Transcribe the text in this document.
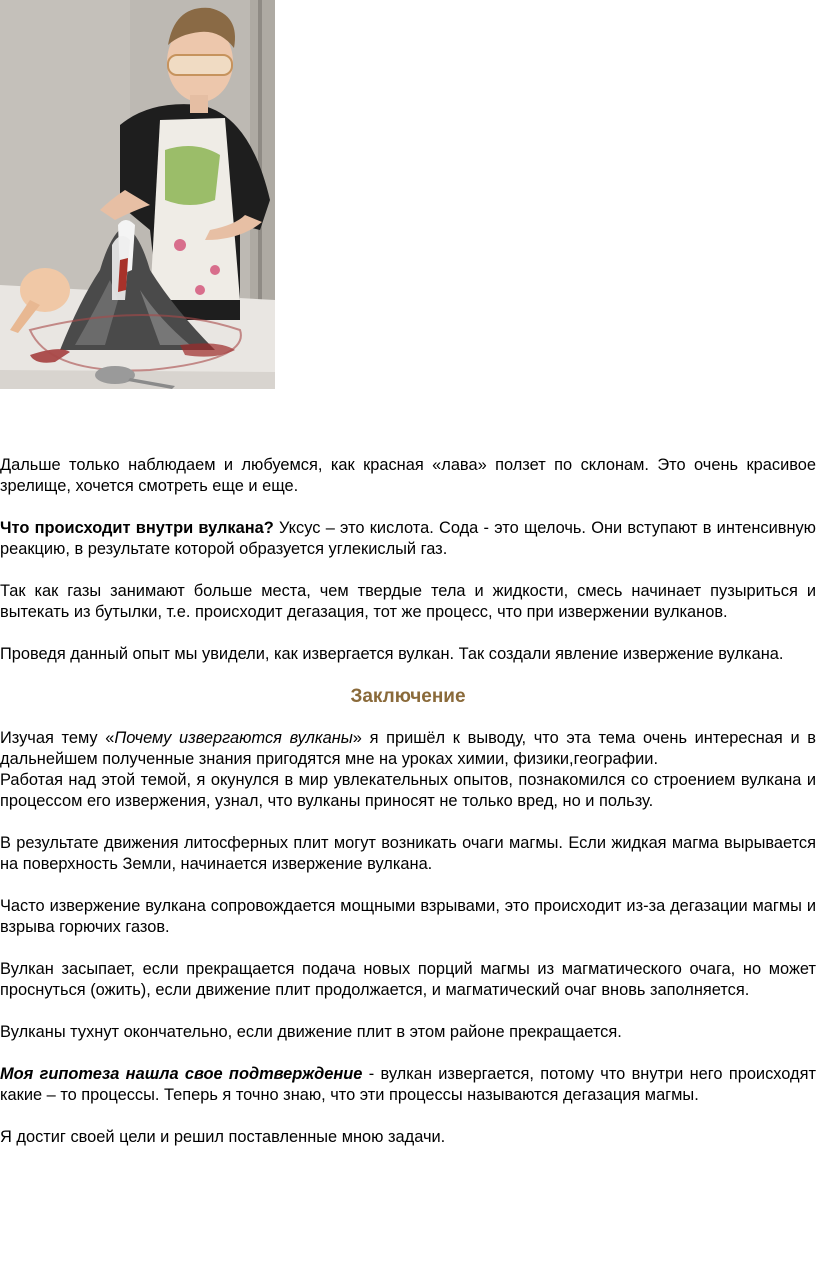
Дальше только наблюдаем и любуемся, как красная «лава» ползет по склонам. Это очень красивое зрелище, хочется смотреть еще и еще.

Что происходит внутри вулкана? Уксус – это кислота. Сода - это щелочь. Они вступают в интенсивную реакцию, в результате которой образуется углекислый газ.

Так как газы занимают больше места, чем твердые тела и жидкости, смесь начинает пузыриться и вытекать из бутылки, т.е. происходит дегазация, тот же процесс, что при извержении вулканов.

Проведя данный опыт мы увидели, как извергается вулкан. Так создали явление извержение вулкана.

Заключение

Изучая тему «Почему извергаются вулканы» я пришёл к выводу, что эта тема очень интересная и в дальнейшем полученные знания пригодятся мне на уроках химии, физики,географии.

Работая над этой темой, я окунулся в мир увлекательных опытов, познакомился со строением вулкана и процессом его извержения, узнал, что вулканы приносят не только вред, но и пользу.

В результате движения литосферных плит могут возникать очаги магмы. Если жидкая магма вырывается на поверхность Земли, начинается извержение вулкана.

Часто извержение вулкана сопровождается мощными взрывами, это происходит из-за дегазации магмы и взрыва горючих газов.

Вулкан засыпает, если прекращается подача новых порций магмы из магматического очага, но может проснуться (ожить), если движение плит продолжается, и магматический очаг вновь заполняется.

Вулканы тухнут окончательно, если движение плит в этом районе прекращается.

Моя гипотеза нашла свое подтверждение - вулкан извергается, потому что внутри него происходят какие – то процессы. Теперь я точно знаю, что эти процессы называются дегазация магмы.

Я достиг своей цели и решил поставленные мною задачи.
